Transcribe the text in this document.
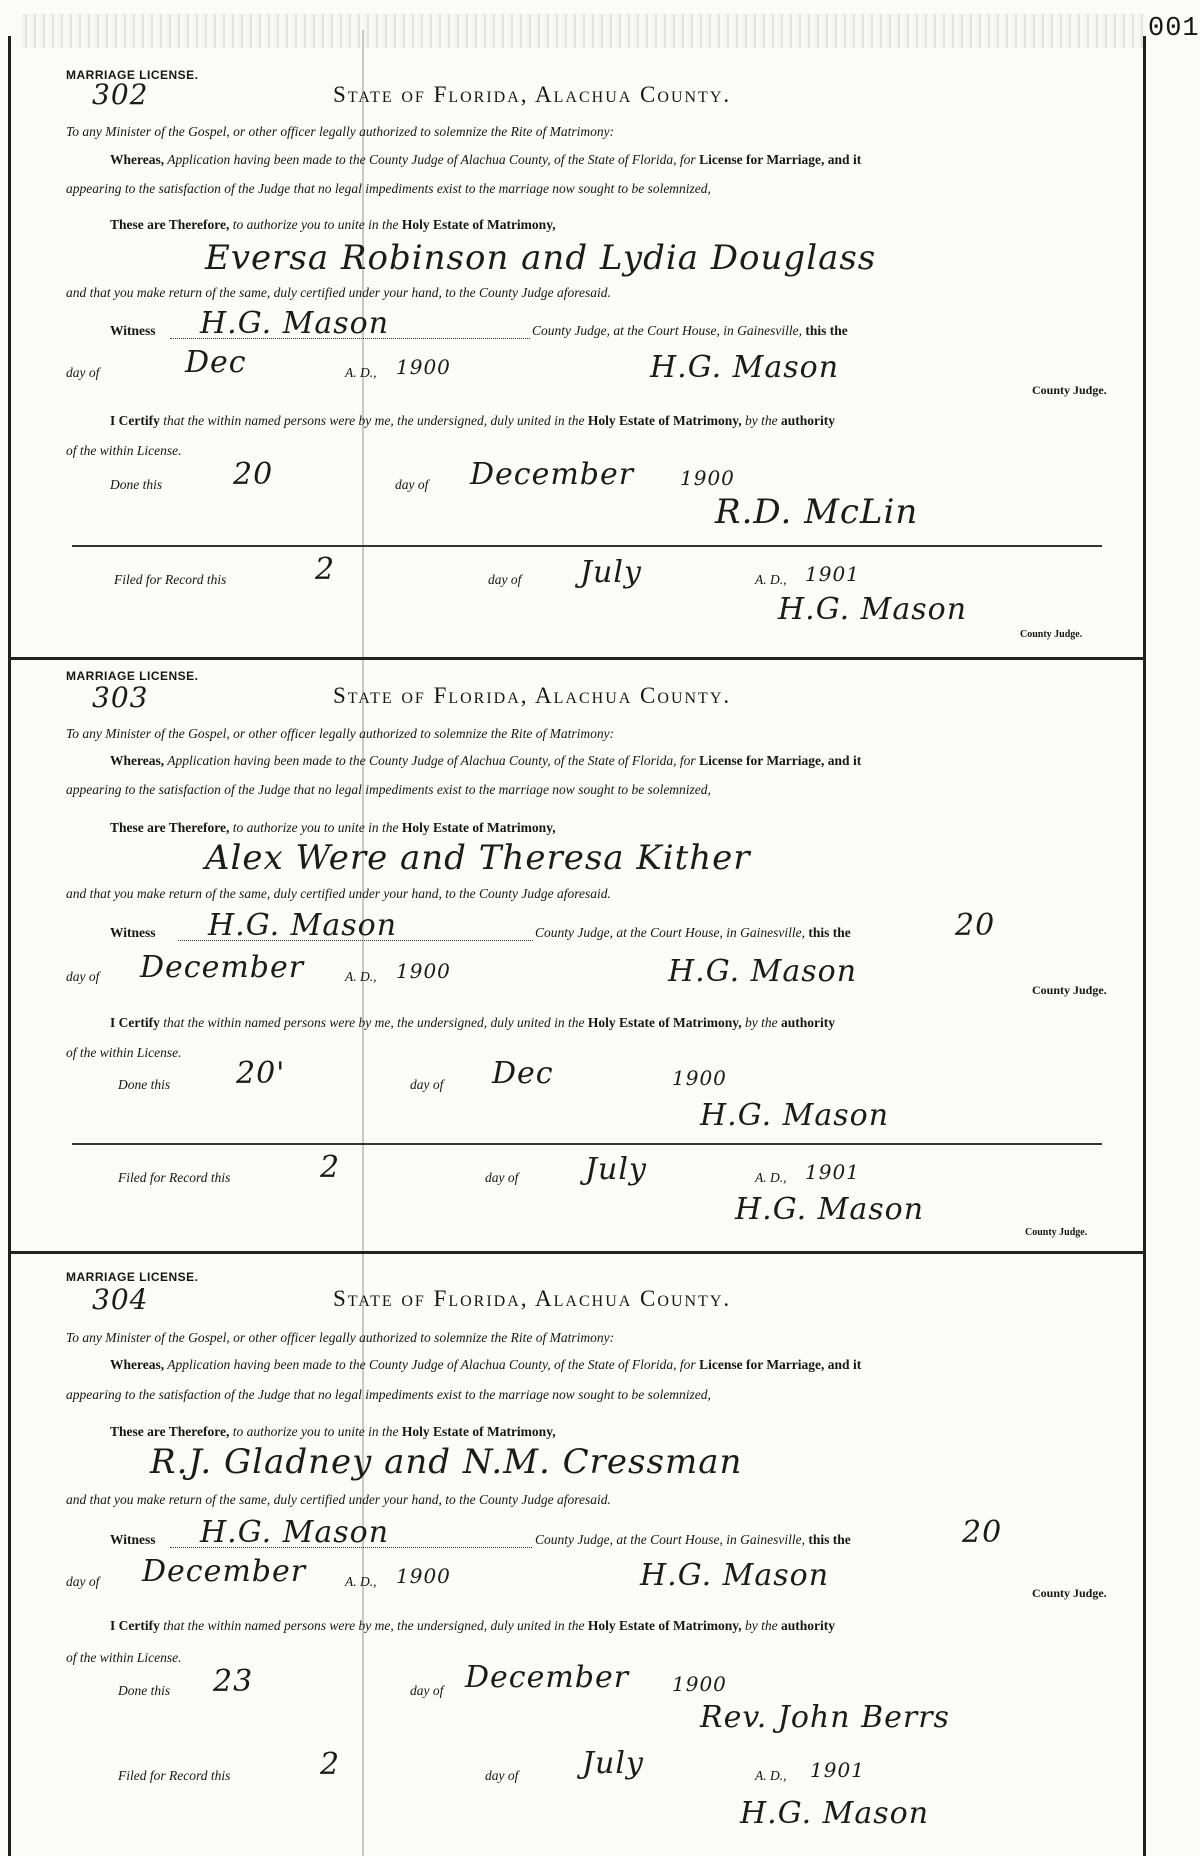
001
MARRIAGE LICENSE.
302	State of Florida, Alachua County.
To any Minister of the Gospel, or other officer legally authorized to solemnize the Rite of Matrimony:
Whereas, Application having been made to the County Judge of Alachua County, of the State of Florida, for License for Marriage, and it
appearing to the satisfaction of the Judge that no legal impediments exist to the marriage now sought to be solemnized,
These are Therefore, to authorize you to unite in the Holy Estate of Matrimony,
Eversa Robinson and Lydia Douglass
and that you make return of the same, duly certified under your hand, to the County Judge aforesaid.
Witness H.G. Mason	County Judge, at the Court House, in Gainesville, this the
day of	Dec	A. D., 1900	H.G. Mason
County Judge.
I Certify that the within named persons were by me, the undersigned, duly united in the Holy Estate of Matrimony, by the authority
of the within License.
Done this 20	day of December 1900
R.D. McLin
Filed for Record this	2	day of July	A. D., 1901
H.G. Mason
County Judge.
MARRIAGE LICENSE.
303	State of Florida, Alachua County.
To any Minister of the Gospel, or other officer legally authorized to solemnize the Rite of Matrimony:
Whereas, Application having been made to the County Judge of Alachua County, of the State of Florida, for License for Marriage, and it
appearing to the satisfaction of the Judge that no legal impediments exist to the marriage now sought to be solemnized,
These are Therefore, to authorize you to unite in the Holy Estate of Matrimony,
Alex Were and Theresa Kither
and that you make return of the same, duly certified under your hand, to the County Judge aforesaid.
Witness H.G. Mason	County Judge, at the Court House, in Gainesville, this the	20
day of December	A. D., 1900	H.G. Mason
County Judge.
I Certify that the within named persons were by me, the undersigned, duly united in the Holy Estate of Matrimony, by the authority
of the within License.
Done this 20'	day of Dec	1900
H.G. Mason
Filed for Record this	2	day of July	A. D., 1901
H.G. Mason
County Judge.
MARRIAGE LICENSE.
304	State of Florida, Alachua County.
To any Minister of the Gospel, or other officer legally authorized to solemnize the Rite of Matrimony:
Whereas, Application having been made to the County Judge of Alachua County, of the State of Florida, for License for Marriage, and it
appearing to the satisfaction of the Judge that no legal impediments exist to the marriage now sought to be solemnized,
These are Therefore, to authorize you to unite in the Holy Estate of Matrimony,
R.J. Gladney and N.M. Cressman
and that you make return of the same, duly certified under your hand, to the County Judge aforesaid.
Witness H.G. Mason	County Judge, at the Court House, in Gainesville, this the	20
day of December	A. D., 1900	H.G. Mason	County Judge.
I Certify that the within named persons were by me, the undersigned, duly united in the Holy Estate of Matrimony, by the authority
of the within License.
Done this 23	day of December 1900
Rev. John Berrs
Filed for Record this	2	day of July	A. D., 1901
H.G. Mason
